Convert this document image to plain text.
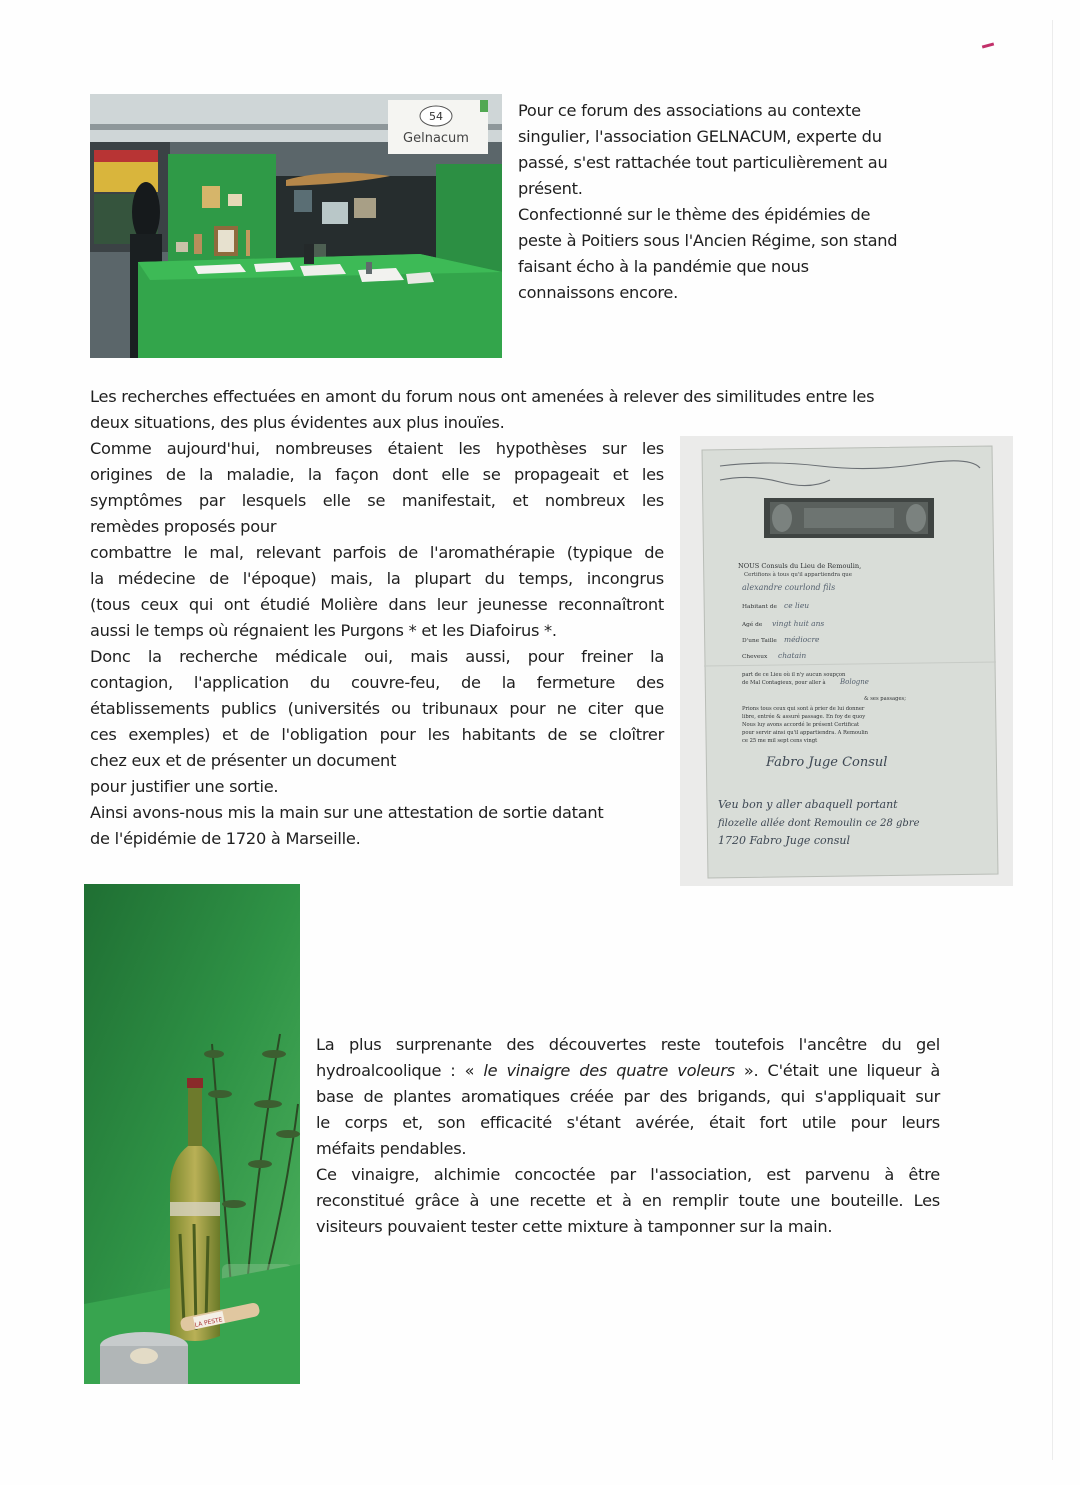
54
Gelnacum

Pour ce forum des associations au contexte

singulier, l'association GELNACUM, experte du

passé, s'est rattachée tout particulièrement au

présent.

Confectionné sur le thème des épidémies de

peste à Poitiers sous l'Ancien Régime, son stand

faisant écho à la pandémie que nous

connaissons encore.

Les recherches effectuées en amont du forum nous ont amenées à relever des similitudes entre les

deux situations, des plus évidentes aux plus inouïes.

Comme aujourd'hui, nombreuses étaient les hypothèses sur les

origines de la maladie, la façon dont elle se propageait et les

symptômes par lesquels elle se manifestait, et nombreux les

remèdes proposés pour

combattre le mal, relevant parfois de l'aromathérapie (typique de

la médecine de l'époque) mais, la plupart du temps, incongrus

(tous ceux qui ont étudié Molière dans leur jeunesse reconnaîtront

aussi le temps où régnaient les Purgons * et les Diafoirus *.

Donc la recherche médicale oui, mais aussi, pour freiner la

contagion, l'application du couvre-feu, de la fermeture des

établissements publics (universités ou tribunaux pour ne citer que

ces exemples) et de l'obligation pour les habitants de se cloîtrer

chez eux et de présenter un document

pour justifier une sortie.

Ainsi avons-nous mis la main sur une attestation de sortie datant

de l'épidémie de 1720 à Marseille.

NOUS Consuls du Lieu de Remoulin,
Certifions à tous qu'il appartiendra que
alexandre courlond fils
Habitant de ce lieu
Agé de vingt huit ans
D'une Taille médiocre
Cheveux chatain
part de ce Lieu où il n'y aucun soupçon
de Mal Contagieux, pour aller à Bologne
& ses passages;
Prions tous ceux qui sont à prier de lui donner
libre, entrée & assuré passage. En foy de quoy
Nous luy avons accordé le présent Certificat
pour servir ainsi qu'il appartiendra. A Remoulin
ce 25 me mil sept cens vingt
Fabro Juge Consul
Veu bon y aller abaquell portant
filozelle allée dont Remoulin ce 28 gbre
1720 Fabro Juge consul
LA PESTE

La plus surprenante des découvertes reste toutefois l'ancêtre du gel

hydroalcoolique : « le vinaigre des quatre voleurs ». C'était une liqueur à

base de plantes aromatiques créée par des brigands, qui s'appliquait sur

le corps et, son efficacité s'étant avérée, était fort utile pour leurs

méfaits pendables.

Ce vinaigre, alchimie concoctée par l'association, est parvenu à être

reconstitué grâce à une recette et à en remplir toute une bouteille. Les

visiteurs pouvaient tester cette mixture à tamponner sur la main.
